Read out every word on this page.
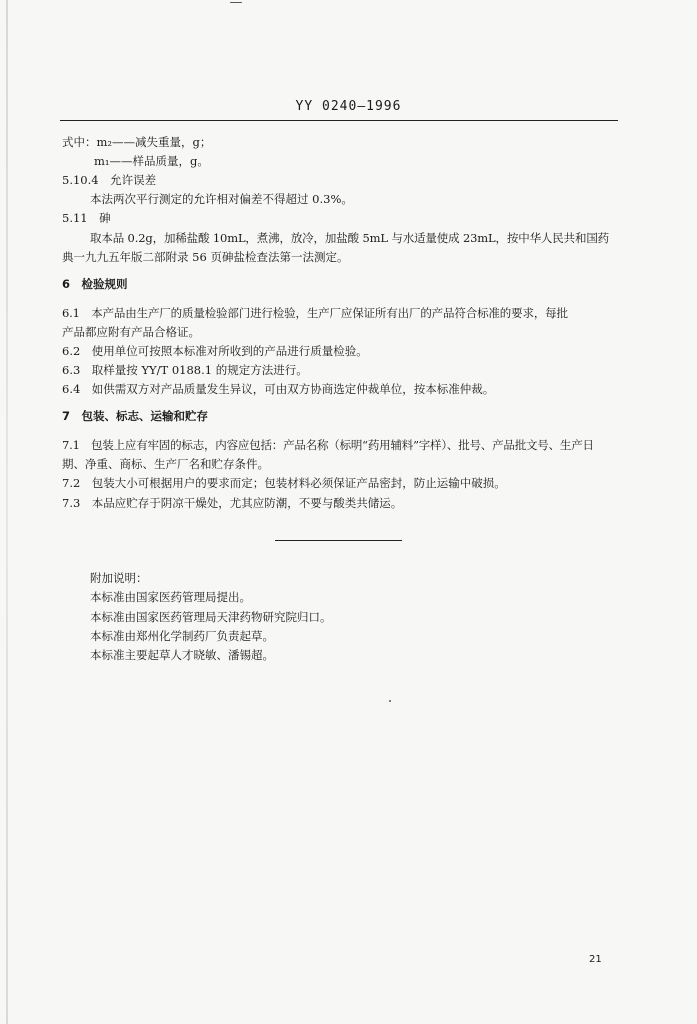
YY 0240—1996
式中：m₂——减失重量，g；
m₁——样品质量，g。
5.10.4　允许误差
本法两次平行测定的允许相对偏差不得超过 0.3%。
5.11　砷
取本品 0.2g，加稀盐酸 10mL，煮沸，放冷，加盐酸 5mL 与水适量使成 23mL，按中华人民共和国药
典一九九五年版二部附录 56 页砷盐检查法第一法测定。
6　检验规则
6.1　本产品由生产厂的质量检验部门进行检验，生产厂应保证所有出厂的产品符合标准的要求，每批
产品都应附有产品合格证。
6.2　使用单位可按照本标准对所收到的产品进行质量检验。
6.3　取样量按 YY/T 0188.1 的规定方法进行。
6.4　如供需双方对产品质量发生异议，可由双方协商选定仲裁单位，按本标准仲裁。
7　包装、标志、运输和贮存
7.1　包装上应有牢固的标志，内容应包括：产品名称（标明“药用辅料”字样）、批号、产品批文号、生产日
期、净重、商标、生产厂名和贮存条件。
7.2　包装大小可根据用户的要求而定；包装材料必须保证产品密封，防止运输中破损。
7.3　本品应贮存于阴凉干燥处，尤其应防潮，不要与酸类共储运。
附加说明：
本标准由国家医药管理局提出。
本标准由国家医药管理局天津药物研究院归口。
本标准由郑州化学制药厂负责起草。
本标准主要起草人才晓敏、潘锡超。
21
